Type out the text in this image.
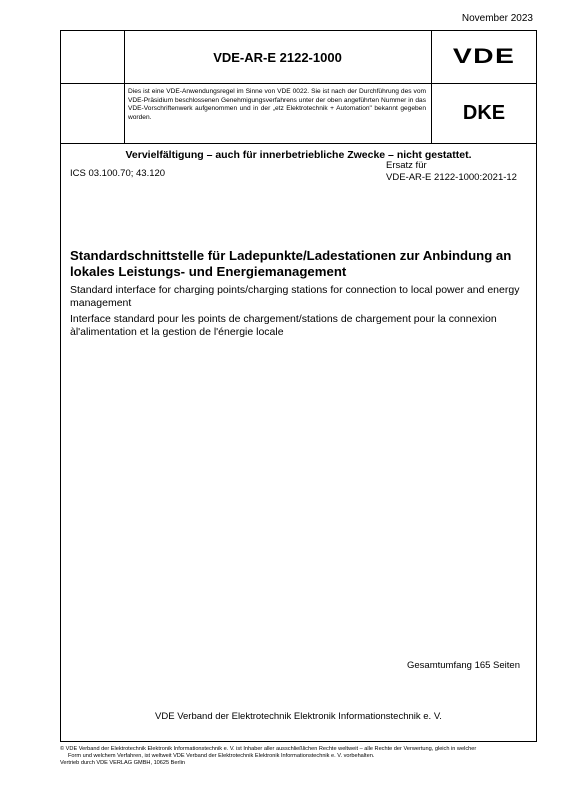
November 2023
VDE-AR-E 2122-1000	VDE
Dies ist eine VDE-Anwendungsregel im Sinne von VDE 0022. Sie ist nach der Durchführung des vom VDE-Präsidium beschlossenen Genehmigungsverfahrens unter der oben angeführten Nummer in das VDE-Vorschriftenwerk aufgenommen und in der „etz Elektrotechnik + Automation" bekannt gegeben worden.	DKE
Vervielfältigung – auch für innerbetriebliche Zwecke – nicht gestattet.
ICS 03.100.70; 43.120
Ersatz für
VDE-AR-E 2122-1000:2021-12
Standardschnittstelle für Ladepunkte/Ladestationen zur Anbindung an lokales Leistungs- und Energiemanagement
Standard interface for charging points/charging stations for connection to local power and energy management
Interface standard pour les points de chargement/stations de chargement pour la connexion àl'alimentation et la gestion de l'énergie locale
Gesamtumfang 165 Seiten
VDE Verband der Elektrotechnik Elektronik Informationstechnik e. V.
© VDE Verband der Elektrotechnik Elektronik Informationstechnik e. V. ist Inhaber aller ausschließlichen Rechte weltweit – alle Rechte der Verwertung, gleich in welcher
Form und welchem Verfahren, ist weltweit VDE Verband der Elektrotechnik Elektronik Informationstechnik e. V. vorbehalten.
Vertrieb durch VDE VERLAG GMBH, 10625 Berlin
